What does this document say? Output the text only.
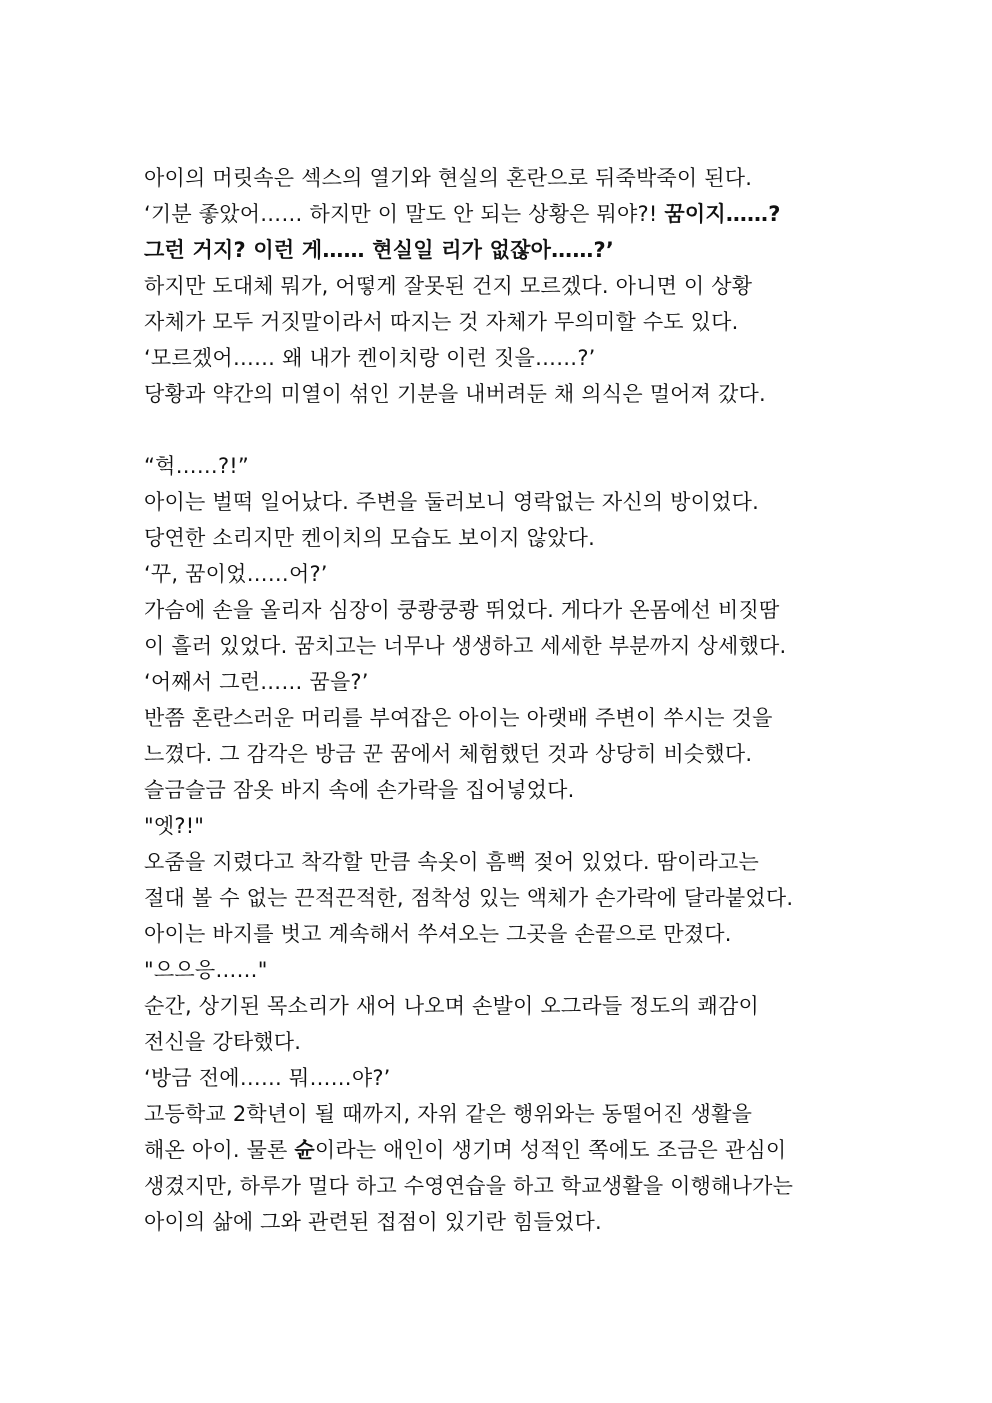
아이의 머릿속은 섹스의 열기와 현실의 혼란으로 뒤죽박죽이 된다.
‘기분 좋았어…… 하지만 이 말도 안 되는 상황은 뭐야?! 꿈이지……?
그런 거지? 이런 게…… 현실일 리가 없잖아……?’
하지만 도대체 뭐가, 어떻게 잘못된 건지 모르겠다. 아니면 이 상황
자체가 모두 거짓말이라서 따지는 것 자체가 무의미할 수도 있다.
‘모르겠어…… 왜 내가 켄이치랑 이런 짓을……?’
당황과 약간의 미열이 섞인 기분을 내버려둔 채 의식은 멀어져 갔다.
“헉……?!”
아이는 벌떡 일어났다. 주변을 둘러보니 영락없는 자신의 방이었다.
당연한 소리지만 켄이치의 모습도 보이지 않았다.
‘꾸, 꿈이었……어?’
가슴에 손을 올리자 심장이 쿵쾅쿵쾅 뛰었다. 게다가 온몸에선 비짓땀
이 흘러 있었다. 꿈치고는 너무나 생생하고 세세한 부분까지 상세했다.
‘어째서 그런…… 꿈을?’
반쯤 혼란스러운 머리를 부여잡은 아이는 아랫배 주변이 쑤시는 것을
느꼈다. 그 감각은 방금 꾼 꿈에서 체험했던 것과 상당히 비슷했다.
슬금슬금 잠옷 바지 속에 손가락을 집어넣었다.
"엣?!"
오줌을 지렸다고 착각할 만큼 속옷이 흠뻑 젖어 있었다. 땀이라고는
절대 볼 수 없는 끈적끈적한, 점착성 있는 액체가 손가락에 달라붙었다.
아이는 바지를 벗고 계속해서 쑤셔오는 그곳을 손끝으로 만졌다.
"으으응……"
순간, 상기된 목소리가 새어 나오며 손발이 오그라들 정도의 쾌감이
전신을 강타했다.
‘방금 전에…… 뭐……야?’
고등학교 2학년이 될 때까지, 자위 같은 행위와는 동떨어진 생활을
해온 아이. 물론 슌이라는 애인이 생기며 성적인 쪽에도 조금은 관심이
생겼지만, 하루가 멀다 하고 수영연습을 하고 학교생활을 이행해나가는
아이의 삶에 그와 관련된 접점이 있기란 힘들었다.
